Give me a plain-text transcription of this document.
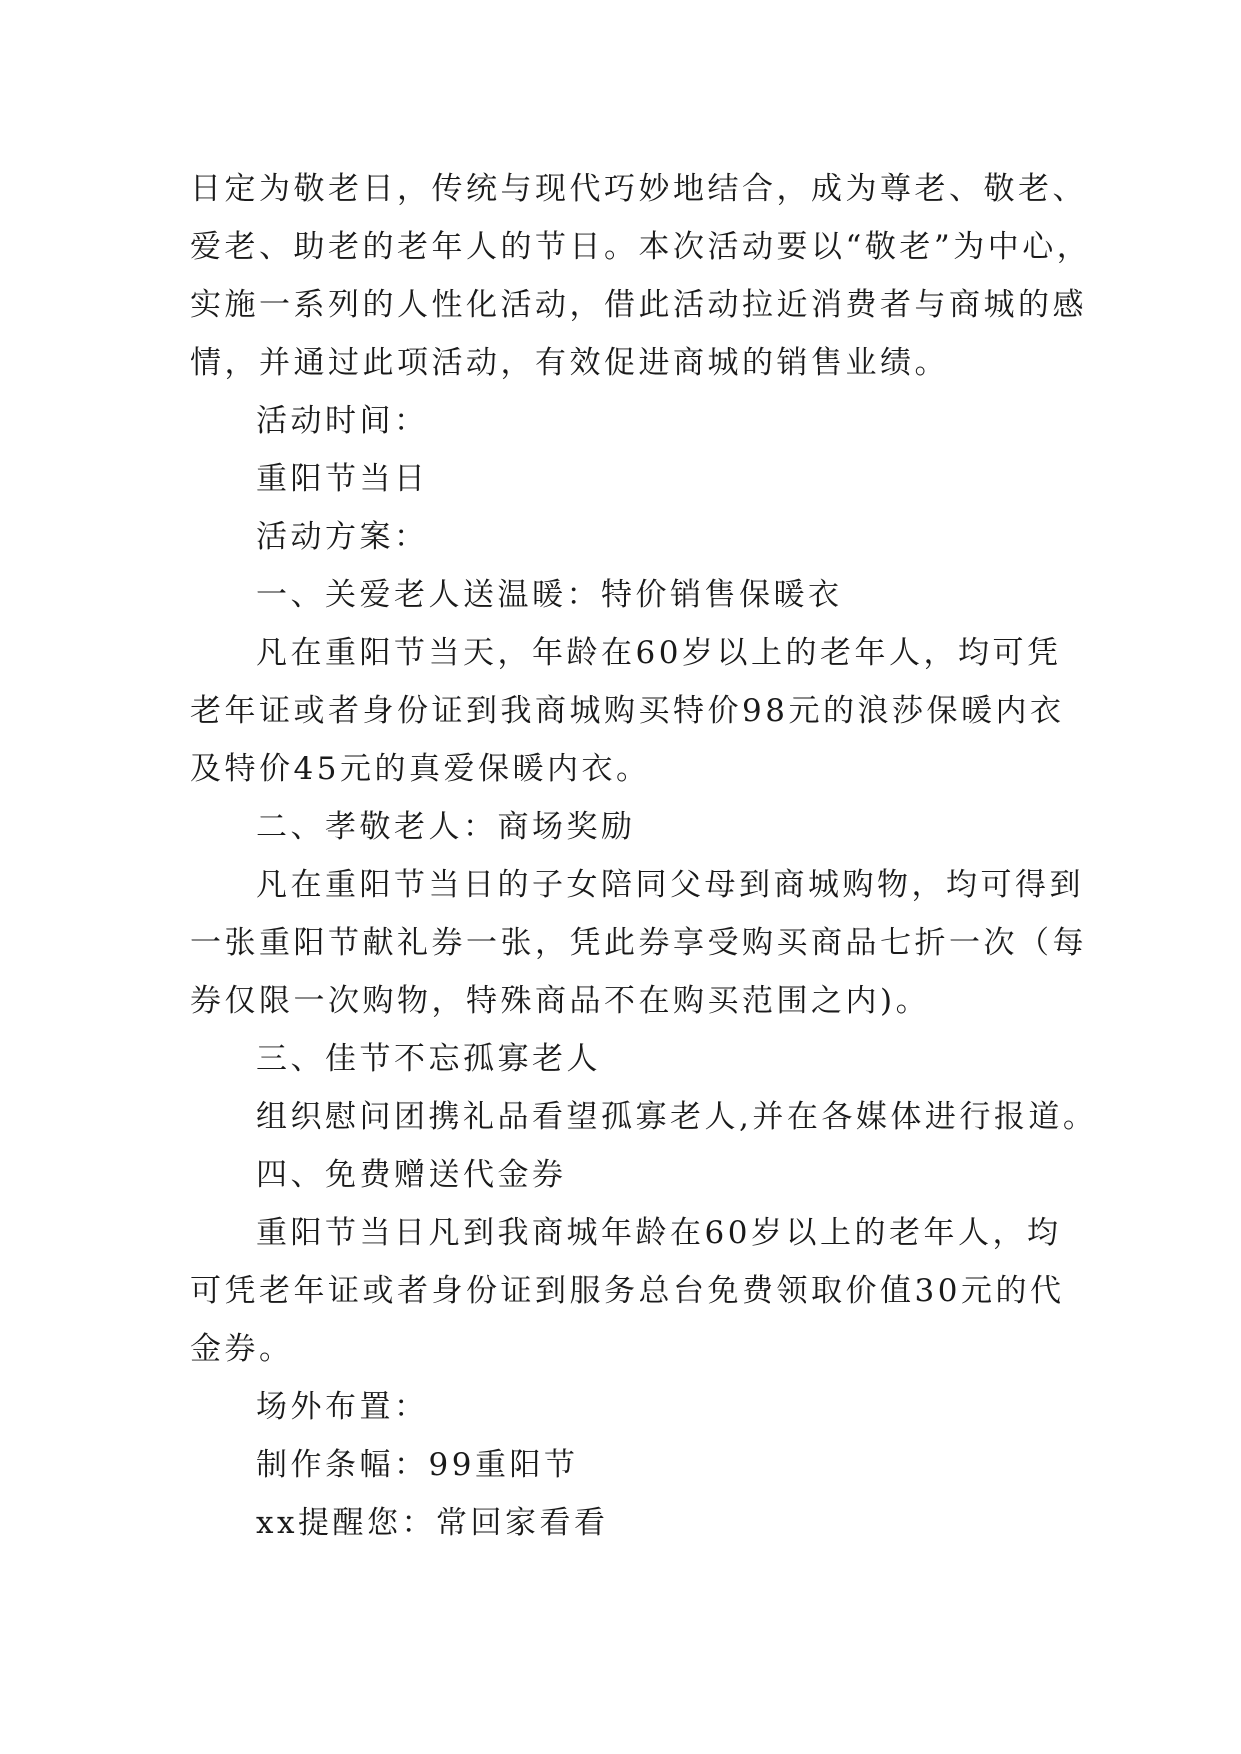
日定为敬老日，传统与现代巧妙地结合，成为尊老、敬老、
爱老、助老的老年人的节日。本次活动要以“敬老”为中心，
实施一系列的人性化活动，借此活动拉近消费者与商城的感
情，并通过此项活动，有效促进商城的销售业绩。
活动时间：
重阳节当日
活动方案：
一、关爱老人送温暖：特价销售保暖衣
凡在重阳节当天，年龄在60岁以上的老年人，均可凭
老年证或者身份证到我商城购买特价98元的浪莎保暖内衣
及特价45元的真爱保暖内衣。
二、孝敬老人：商场奖励
凡在重阳节当日的子女陪同父母到商城购物，均可得到
一张重阳节献礼券一张，凭此券享受购买商品七折一次（每
券仅限一次购物，特殊商品不在购买范围之内)。
三、佳节不忘孤寡老人
组织慰问团携礼品看望孤寡老人,并在各媒体进行报道。
四、免费赠送代金券
重阳节当日凡到我商城年龄在60岁以上的老年人，均
可凭老年证或者身份证到服务总台免费领取价值30元的代
金券。
场外布置：
制作条幅：99重阳节
xx提醒您：常回家看看
